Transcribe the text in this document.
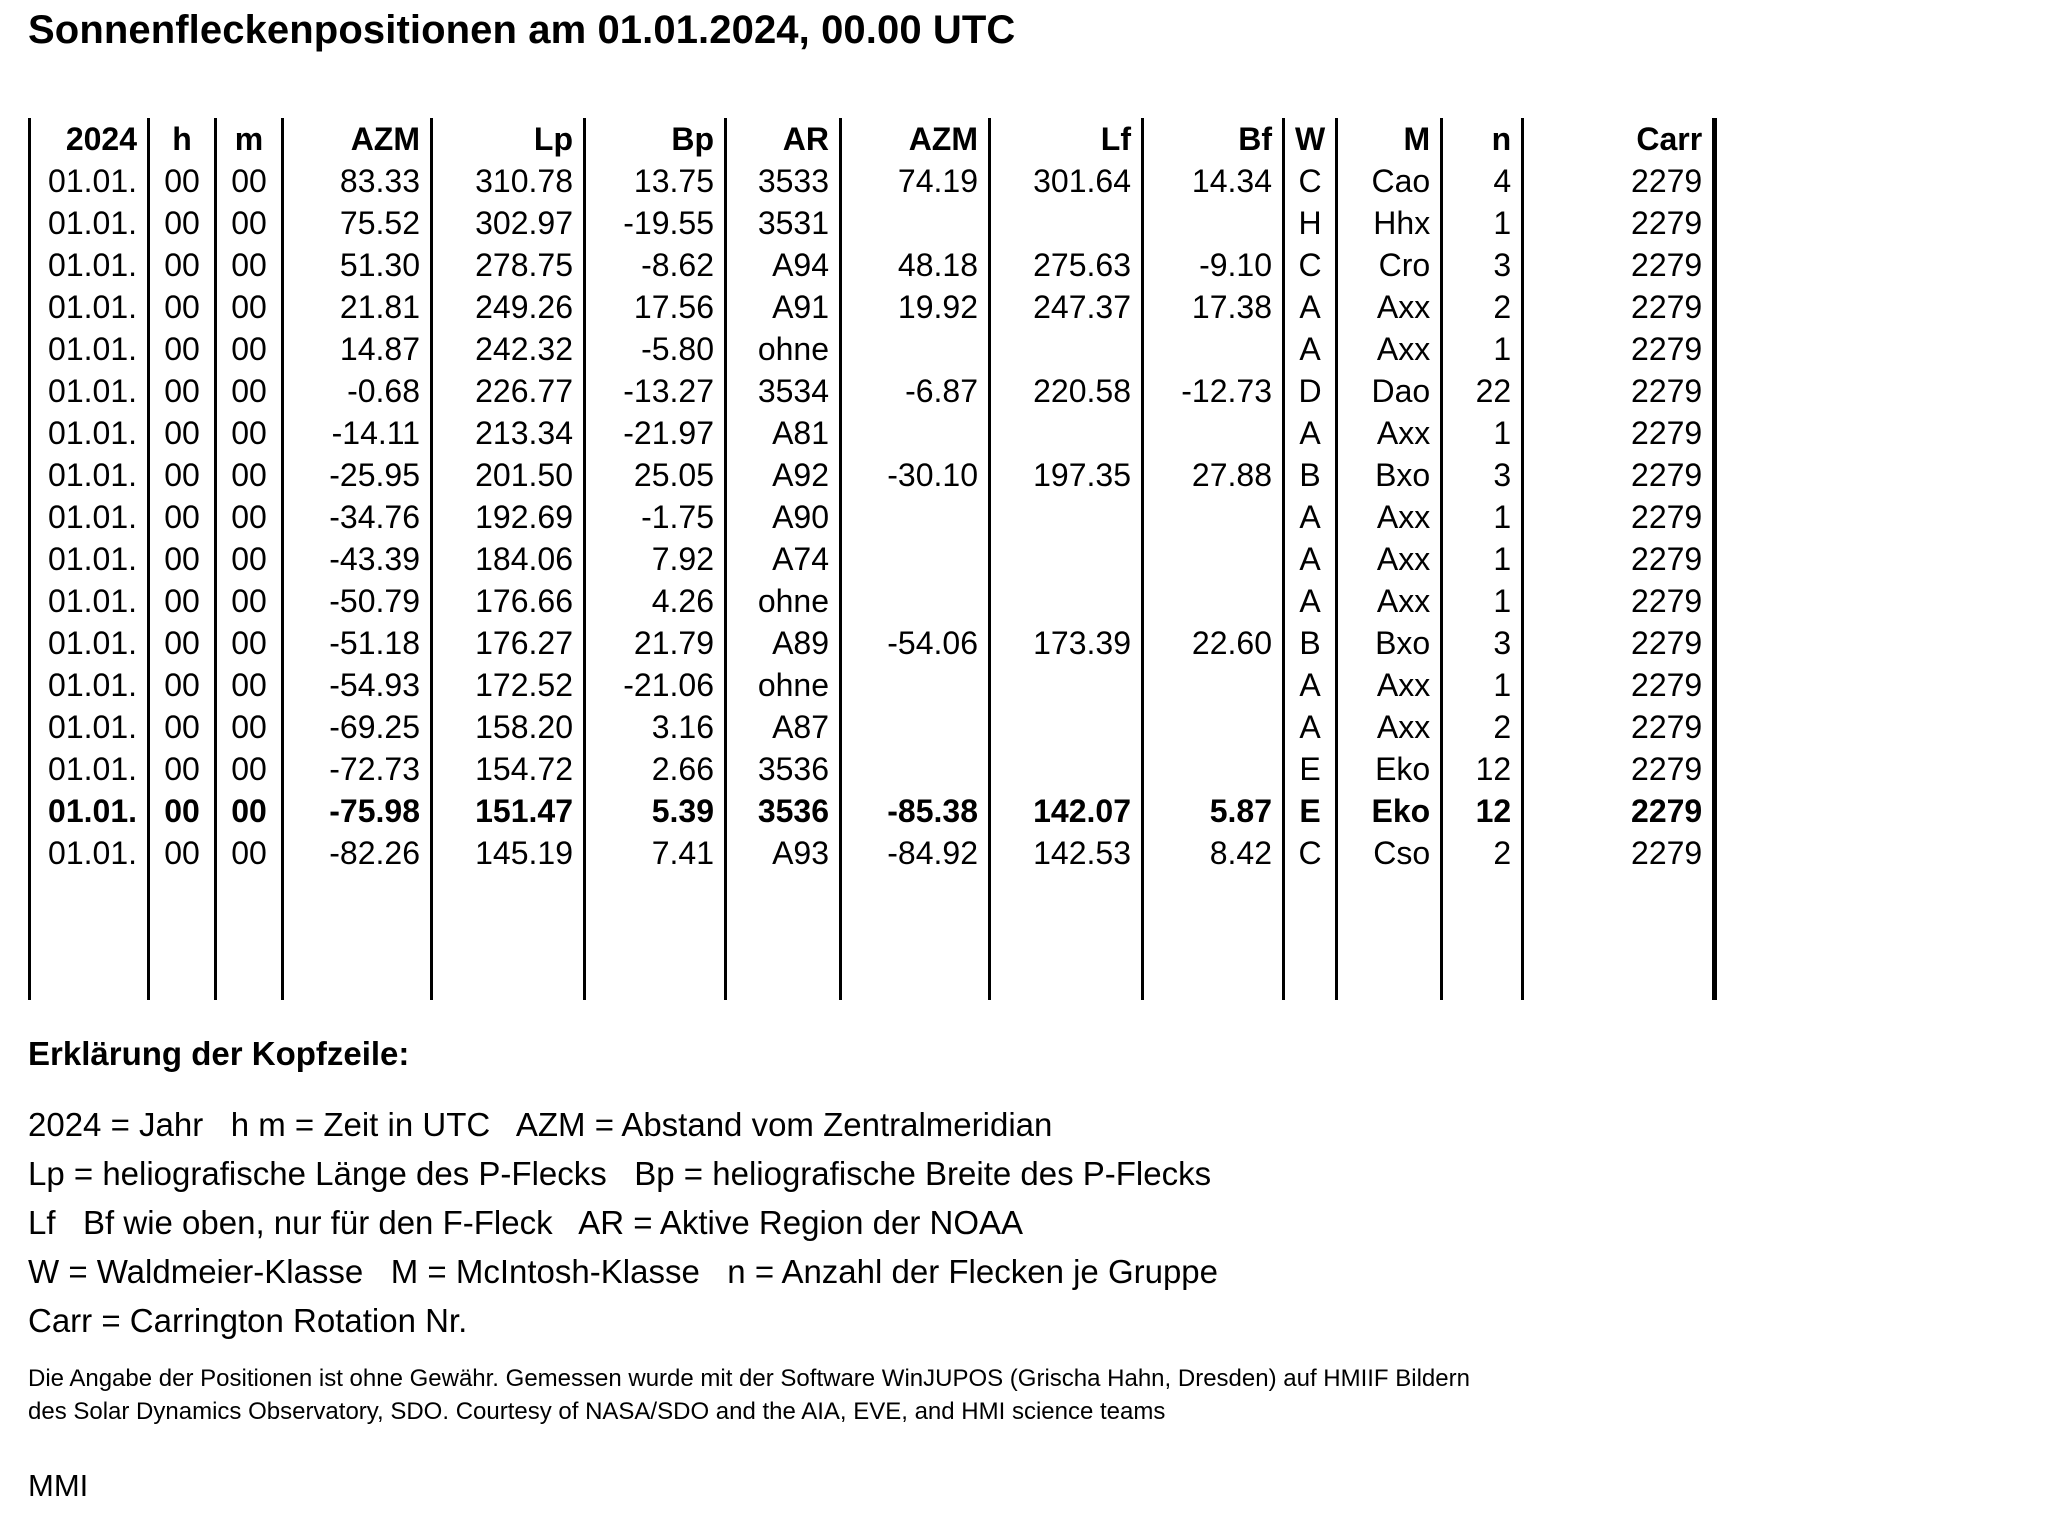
Sonnenfleckenpositionen am 01.01.2024, 00.00 UTC
2024	h	m	AZM	Lp	Bp	AR	AZM	Lf	Bf	W	M	n	Carr
01.01.	00	00	83.33	310.78	13.75	3533	74.19	301.64	14.34	C	Cao	4	2279
01.01.	00	00	75.52	302.97	-19.55	3531				H	Hhx	1	2279
01.01.	00	00	51.30	278.75	-8.62	A94	48.18	275.63	-9.10	C	Cro	3	2279
01.01.	00	00	21.81	249.26	17.56	A91	19.92	247.37	17.38	A	Axx	2	2279
01.01.	00	00	14.87	242.32	-5.80	ohne				A	Axx	1	2279
01.01.	00	00	-0.68	226.77	-13.27	3534	-6.87	220.58	-12.73	D	Dao	22	2279
01.01.	00	00	-14.11	213.34	-21.97	A81				A	Axx	1	2279
01.01.	00	00	-25.95	201.50	25.05	A92	-30.10	197.35	27.88	B	Bxo	3	2279
01.01.	00	00	-34.76	192.69	-1.75	A90				A	Axx	1	2279
01.01.	00	00	-43.39	184.06	7.92	A74				A	Axx	1	2279
01.01.	00	00	-50.79	176.66	4.26	ohne				A	Axx	1	2279
01.01.	00	00	-51.18	176.27	21.79	A89	-54.06	173.39	22.60	B	Bxo	3	2279
01.01.	00	00	-54.93	172.52	-21.06	ohne				A	Axx	1	2279
01.01.	00	00	-69.25	158.20	3.16	A87				A	Axx	2	2279
01.01.	00	00	-72.73	154.72	2.66	3536				E	Eko	12	2279
01.01.	00	00	-75.98	151.47	5.39	3536	-85.38	142.07	5.87	E	Eko	12	2279
01.01.	00	00	-82.26	145.19	7.41	A93	-84.92	142.53	8.42	C	Cso	2	2279

Erklärung der Kopfzeile:
2024 = Jahr   h m = Zeit in UTC   AZM = Abstand vom Zentralmeridian
Lp = heliografische Länge des P-Flecks   Bp = heliografische Breite des P-Flecks
Lf   Bf wie oben, nur für den F-Fleck   AR = Aktive Region der NOAA
W = Waldmeier-Klasse   M = McIntosh-Klasse   n = Anzahl der Flecken je Gruppe
Carr = Carrington Rotation Nr.
Die Angabe der Positionen ist ohne Gewähr. Gemessen wurde mit der Software WinJUPOS (Grischa Hahn, Dresden) auf HMIIF Bildern
des Solar Dynamics Observatory, SDO. Courtesy of NASA/SDO and the AIA, EVE, and HMI science teams
MMI
